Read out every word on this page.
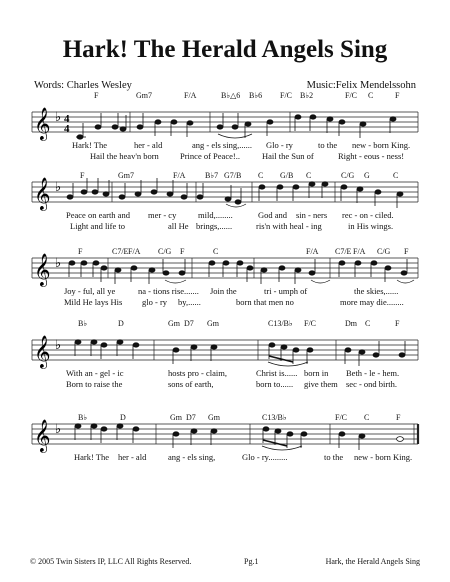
Hark! The Herald Angels Sing
Words: Charles Wesley	Music:Felix Mendelssohn
F	Gm7	F/A	B♭△6 B♭6 F/C B♭2	F/C C	F
𝄞 ♭ 4
4
Hark! The	her - ald	ang - els sing,...... Glo - ry	to the new - born King.
Hail the heav'n born Prince of Peace!..	Hail the Sun of	Right - eous - ness!
F	Gm7	F/A B♭7 G7/B C G/B C	C/G G	C
𝄞 ♭
Peace on earth and mer - cy	mild,........	God and sin - ners rec - on - ciled.
Light and life to	all He brings,......	ris'n with heal - ing	in His wings.
F	C7/E F/A C/G F	C	F/A C7/E F/A C/G F
𝄞 ♭
Joy - ful, all ye	na - tions rise....... Join the	tri - umph of	the skies,......
Mild He lays His glo - ry by,......	born that men no	more may die........
B♭	D	Gm D7 Gm	C13/B♭ F/C	Dm C	F
𝄞 ♭
With an - gel - ic	hosts pro - claim,	Christ is...... born in Beth - le - hem.
Born to raise the	sons of earth,	born to...... give them sec - ond birth.
B♭	D	Gm D7 Gm	C13/B♭	F/C C	F
𝄞 ♭
Hark! The her - ald	ang - els sing,	Glo - ry.........	to the new - born King.
© 2005 Twin Sisters IP, LLC All Rights Reserved.	Pg.1	Hark, the Herald Angels Sing
